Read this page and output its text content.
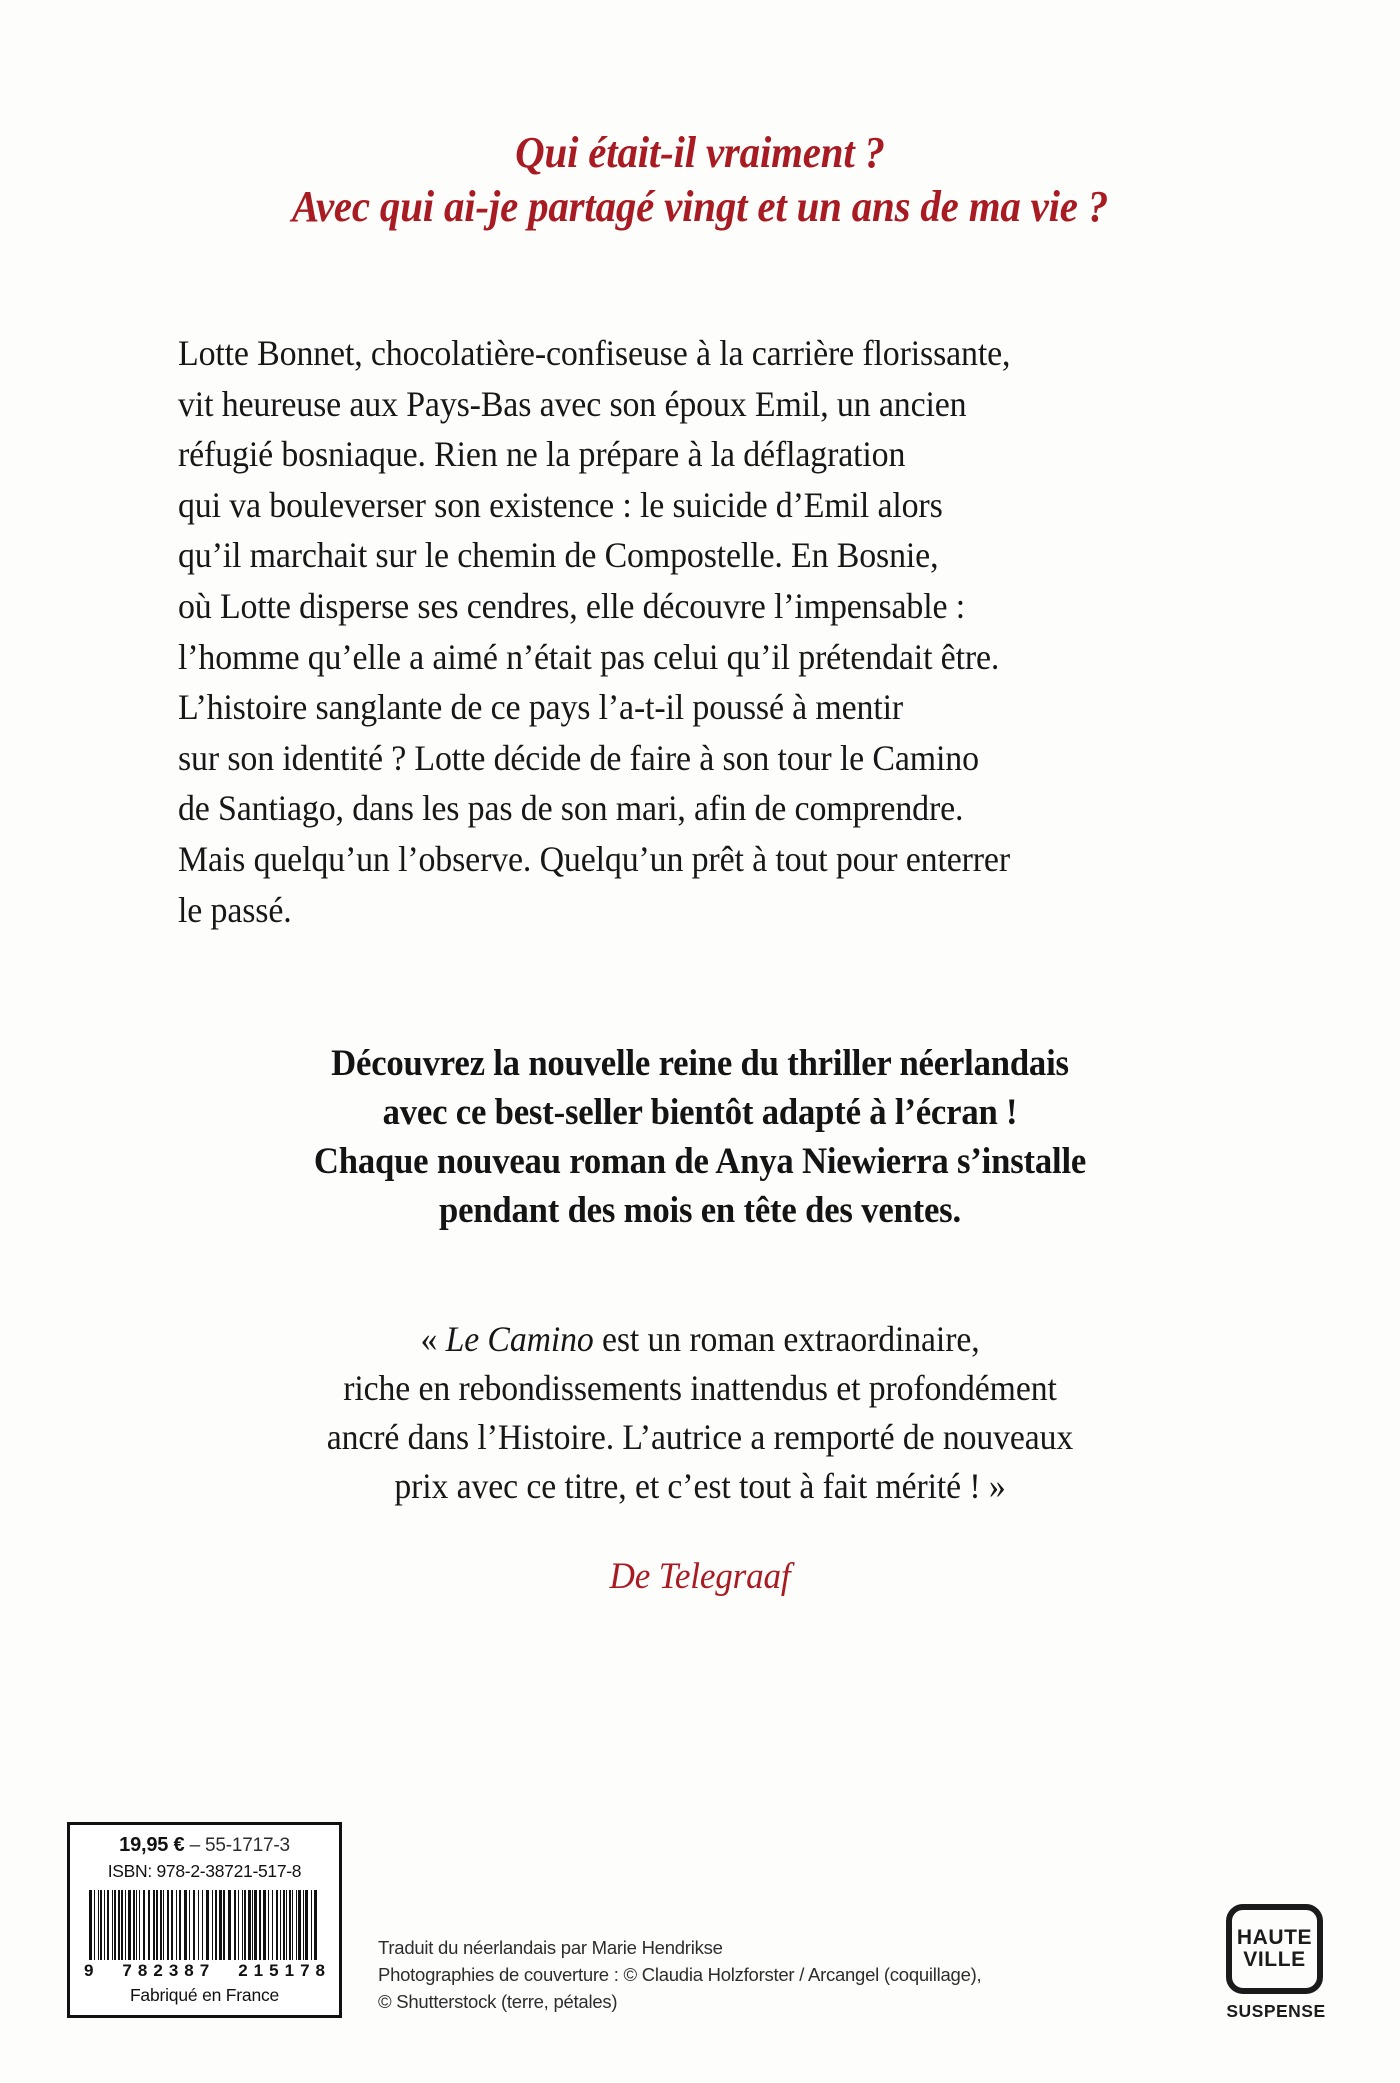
Qui était-il vraiment ?
Avec qui ai-je partagé vingt et un ans de ma vie ?
Lotte Bonnet, chocolatière-confiseuse à la carrière florissante,
vit heureuse aux Pays-Bas avec son époux Emil, un ancien
réfugié bosniaque. Rien ne la prépare à la déflagration
qui va bouleverser son existence : le suicide d’Emil alors
qu’il marchait sur le chemin de Compostelle. En Bosnie,
où Lotte disperse ses cendres, elle découvre l’impensable :
l’homme qu’elle a aimé n’était pas celui qu’il prétendait être.
L’histoire sanglante de ce pays l’a-t-il poussé à mentir
sur son identité ? Lotte décide de faire à son tour le Camino
de Santiago, dans les pas de son mari, afin de comprendre.
Mais quelqu’un l’observe. Quelqu’un prêt à tout pour enterrer
le passé.
Découvrez la nouvelle reine du thriller néerlandais
avec ce best-seller bientôt adapté à l’écran !
Chaque nouveau roman de Anya Niewierra s’installe
pendant des mois en tête des ventes.
« Le Camino est un roman extraordinaire,
riche en rebondissements inattendus et profondément
ancré dans l’Histoire. L’autrice a remporté de nouveaux
prix avec ce titre, et c’est tout à fait mérité ! »
De Telegraaf
19,95 € – 55-1717-3
ISBN: 978-2-38721-517-8
9 7 8 2 3 8 7 2 1 5 1 7 8
Fabriqué en France
Traduit du néerlandais par Marie Hendrikse
Photographies de couverture : © Claudia Holzforster / Arcangel (coquillage),
© Shutterstock (terre, pétales)
HAUTE
VILLE
SUSPENSE
